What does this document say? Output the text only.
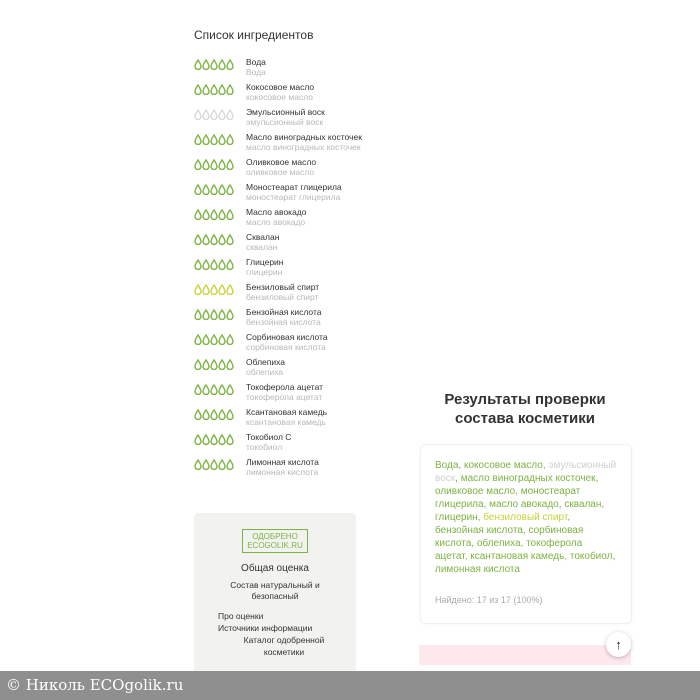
Список ингредиентов
Вода
Вода
Кокосовое масло
кокосовое масло
Эмульсионный воск
эмульсионный воск
Масло виноградных косточек
масло виноградных косточек
Оливковое масло
оливковое масло
Моностеарат глицерила
моностеарат глицерила
Масло авокадо
масло авокадо
Сквалан
сквалан
Глицерин
глицерин
Бензиловый спирт
бензиловый спирт
Бензойная кислота
бензойная кислота
Сорбиновая кислота
сорбиновая кислота
Облепиха
облепиха
Токоферола ацетат
токоферола ацетат
Ксантановая камедь
ксантановая камедь
Токобиол С
токобиол
Лимонная кислота
лимонная кислота
ОДОБРЕНО
ECOGOLIK.RU
Общая оценка
Состав натуральный и безопасный
Про оценки
Источники информации
Каталог одобренной косметики
Результаты проверки состава косметики
Вода, кокосовое масло, эмульсионный воск, масло виноградных косточек, оливковое масло, моностеарат глицерила, масло авокадо, сквалан, глицерин, бензиловый спирт, бензойная кислота, сорбиновая кислота, облепиха, токоферола ацетат, ксантановая камедь, токобиол, лимонная кислота
Найдено: 17 из 17 (100%)
↑
© Николь ECOgolik.ru
